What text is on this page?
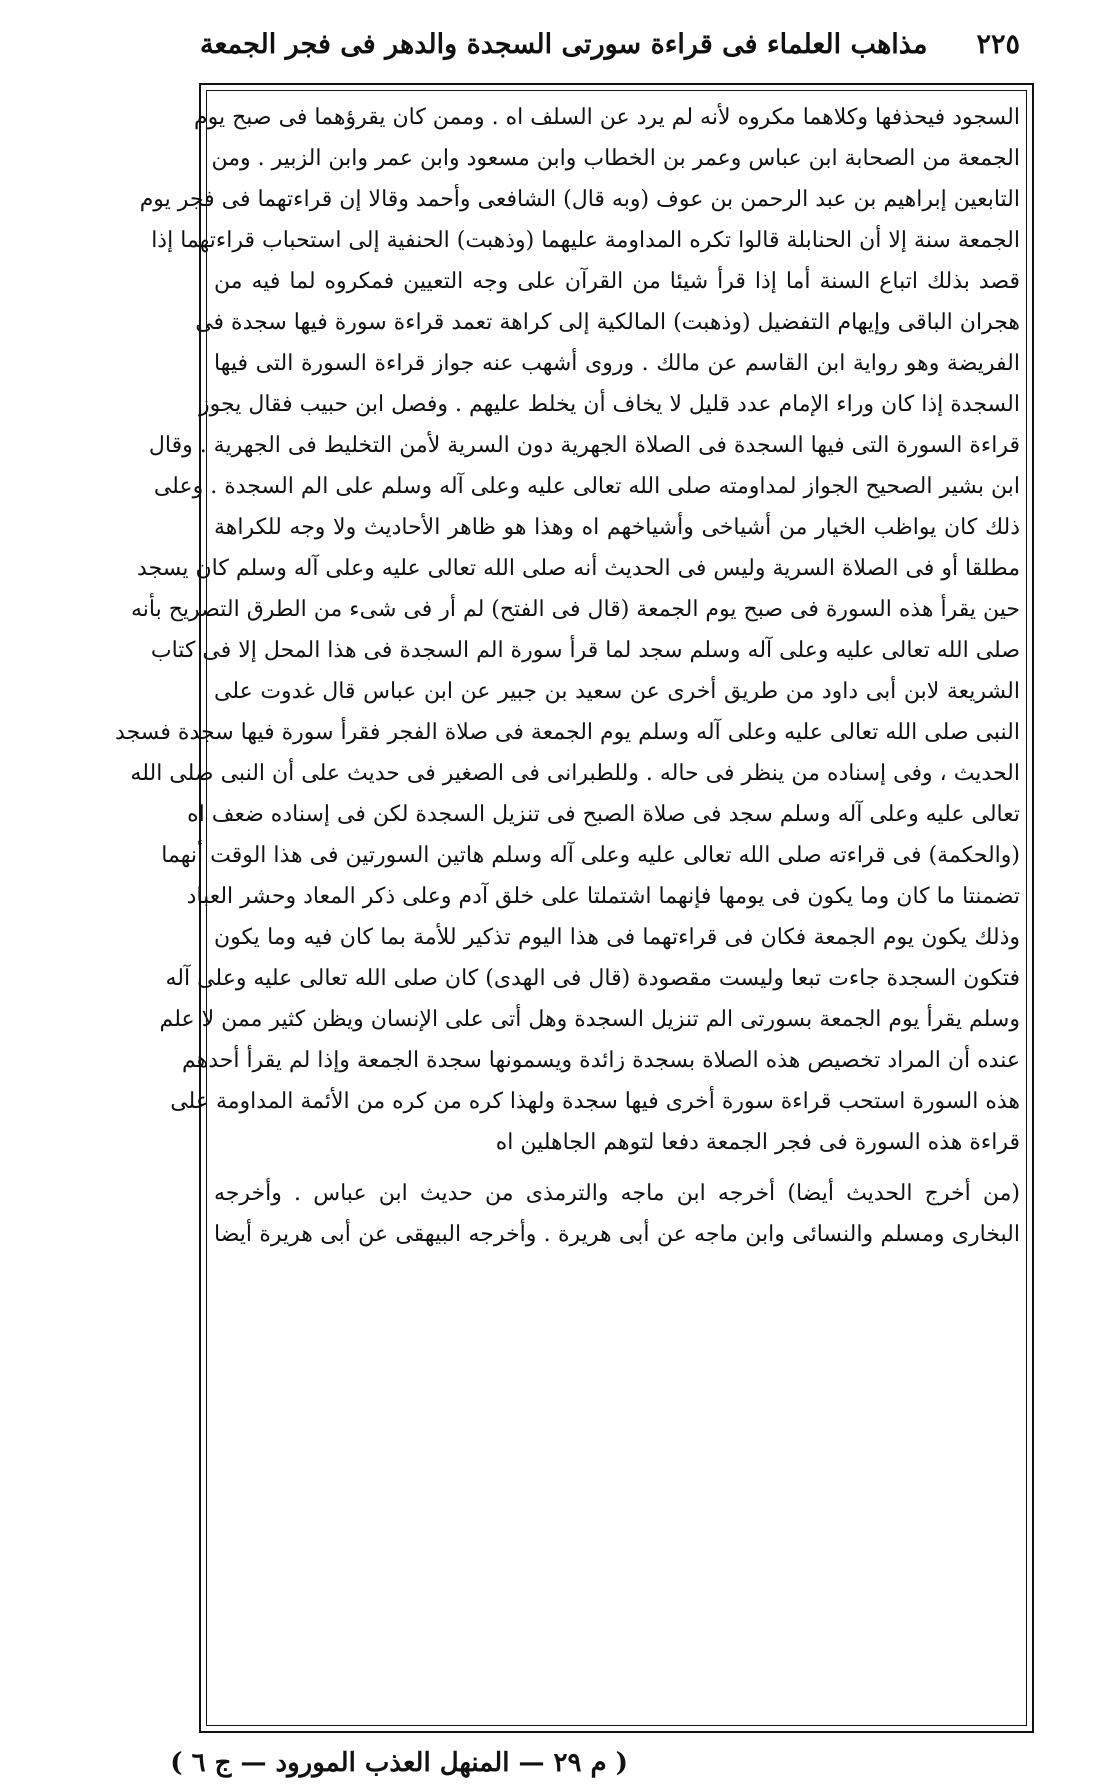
مذاهب العلماء فى قراءة سورتى السجدة والدهر فى فجر الجمعة ٢٢٥
السجود فيحذفها وكلاهما مكروه لأنه لم يرد عن السلف اه . وممن كان يقرؤهما فى صبح يوم
الجمعة من الصحابة ابن عباس وعمر بن الخطاب وابن مسعود وابن عمر وابن الزبير . ومن
التابعين إبراهيم بن عبد الرحمن بن عوف (وبه قال) الشافعى وأحمد وقالا إن قراءتهما فى فجر يوم
الجمعة سنة إلا أن الحنابلة قالوا تكره المداومة عليهما (وذهبت) الحنفية إلى استحباب قراءتهما إذا
قصد بذلك اتباع السنة أما إذا قرأ شيئا من القرآن على وجه التعيين فمكروه لما فيه من
هجران الباقى وإيهام التفضيل (وذهبت) المالكية إلى كراهة تعمد قراءة سورة فيها سجدة فى
الفريضة وهو رواية ابن القاسم عن مالك . وروى أشهب عنه جواز قراءة السورة التى فيها
السجدة إذا كان وراء الإمام عدد قليل لا يخاف أن يخلط عليهم . وفصل ابن حبيب فقال يجوز
قراءة السورة التى فيها السجدة فى الصلاة الجهرية دون السرية لأمن التخليط فى الجهرية . وقال
ابن بشير الصحيح الجواز لمداومته صلى الله تعالى عليه وعلى آله وسلم على الم السجدة . وعلى
ذلك كان يواظب الخيار من أشياخى وأشياخهم اه وهذا هو ظاهر الأحاديث ولا وجه للكراهة
مطلقا أو فى الصلاة السرية وليس فى الحديث أنه صلى الله تعالى عليه وعلى آله وسلم كان يسجد
حين يقرأ هذه السورة فى صبح يوم الجمعة (قال فى الفتح) لم أر فى شىء من الطرق التصريح بأنه
صلى الله تعالى عليه وعلى آله وسلم سجد لما قرأ سورة الم السجدة فى هذا المحل إلا فى كتاب
الشريعة لابن أبى داود من طريق أخرى عن سعيد بن جبير عن ابن عباس قال غدوت على
النبى صلى الله تعالى عليه وعلى آله وسلم يوم الجمعة فى صلاة الفجر فقرأ سورة فيها سجدة فسجد
الحديث ، وفى إسناده من ينظر فى حاله . وللطبرانى فى الصغير فى حديث على أن النبى صلى الله
تعالى عليه وعلى آله وسلم سجد فى صلاة الصبح فى تنزيل السجدة لكن فى إسناده ضعف اه
(والحكمة) فى قراءته صلى الله تعالى عليه وعلى آله وسلم هاتين السورتين فى هذا الوقت أنهما
تضمنتا ما كان وما يكون فى يومها فإنهما اشتملتا على خلق آدم وعلى ذكر المعاد وحشر العباد
وذلك يكون يوم الجمعة فكان فى قراءتهما فى هذا اليوم تذكير للأمة بما كان فيه وما يكون
فتكون السجدة جاءت تبعا وليست مقصودة (قال فى الهدى) كان صلى الله تعالى عليه وعلى آله
وسلم يقرأ يوم الجمعة بسورتى الم تنزيل السجدة وهل أتى على الإنسان ويظن كثير ممن لا علم
عنده أن المراد تخصيص هذه الصلاة بسجدة زائدة ويسمونها سجدة الجمعة وإذا لم يقرأ أحدهم
هذه السورة استحب قراءة سورة أخرى فيها سجدة ولهذا كره من كره من الأئمة المداومة على
قراءة هذه السورة فى فجر الجمعة دفعا لتوهم الجاهلين اه
(من أخرج الحديث أيضا) أخرجه ابن ماجه والترمذى من حديث ابن عباس . وأخرجه
البخارى ومسلم والنسائى وابن ماجه عن أبى هريرة . وأخرجه البيهقى عن أبى هريرة أيضا
( م ٢٩ — المنهل العذب المورود — ج ٦ )
